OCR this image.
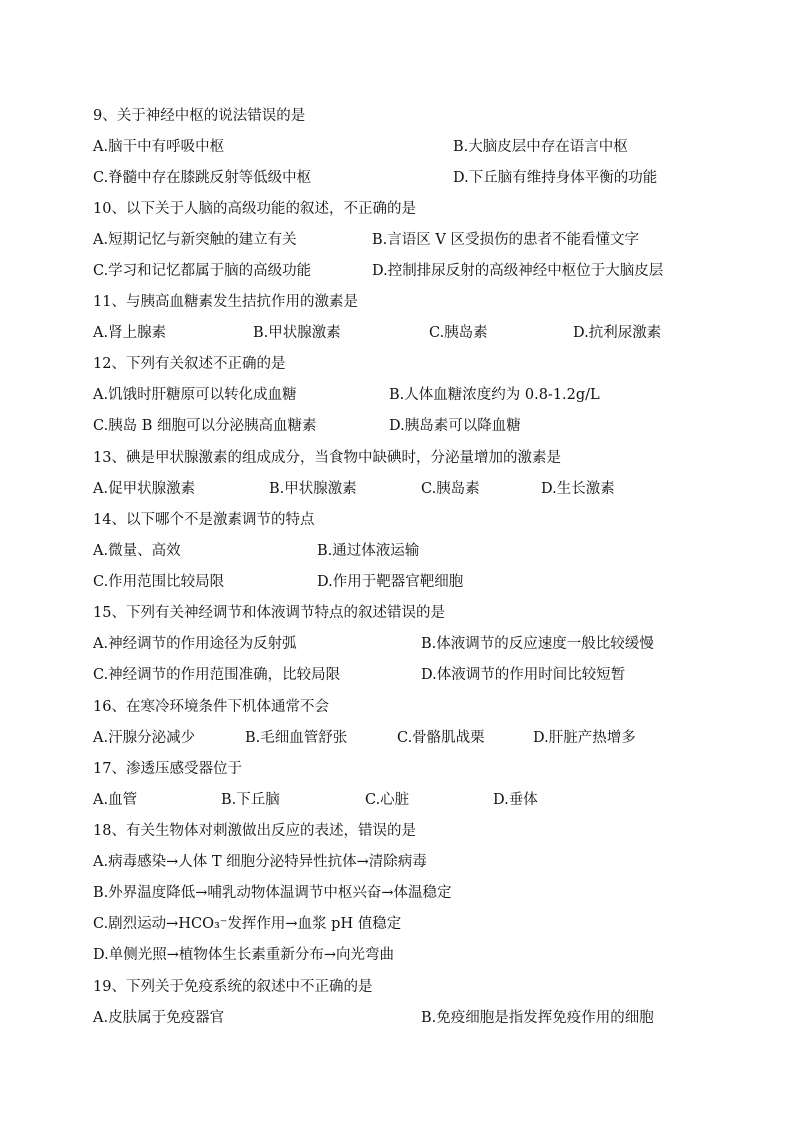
9、关于神经中枢的说法错误的是
A.脑干中有呼吸中枢	B.大脑皮层中存在语言中枢
C.脊髓中存在膝跳反射等低级中枢	D.下丘脑有维持身体平衡的功能
10、以下关于人脑的高级功能的叙述，不正确的是
A.短期记忆与新突触的建立有关	B.言语区 V 区受损伤的患者不能看懂文字
C.学习和记忆都属于脑的高级功能	D.控制排尿反射的高级神经中枢位于大脑皮层
11、与胰高血糖素发生拮抗作用的激素是
A.肾上腺素	B.甲状腺激素	C.胰岛素	D.抗利尿激素
12、下列有关叙述不正确的是
A.饥饿时肝糖原可以转化成血糖	B.人体血糖浓度约为 0.8-1.2g/L
C.胰岛 B 细胞可以分泌胰高血糖素	D.胰岛素可以降血糖
13、碘是甲状腺激素的组成成分，当食物中缺碘时，分泌量增加的激素是
A.促甲状腺激素	B.甲状腺激素	C.胰岛素	D.生长激素
14、以下哪个不是激素调节的特点
A.微量、高效	B.通过体液运输
C.作用范围比较局限	D.作用于靶器官靶细胞
15、下列有关神经调节和体液调节特点的叙述错误的是
A.神经调节的作用途径为反射弧	B.体液调节的反应速度一般比较缓慢
C.神经调节的作用范围准确，比较局限	D.体液调节的作用时间比较短暂
16、在寒冷环境条件下机体通常不会
A.汗腺分泌减少	B.毛细血管舒张	C.骨骼肌战栗	D.肝脏产热增多
17、渗透压感受器位于
A.血管	B.下丘脑	C.心脏	D.垂体
18、有关生物体对刺激做出反应的表述，错误的是
A.病毒感染→人体 T 细胞分泌特异性抗体→清除病毒
B.外界温度降低→哺乳动物体温调节中枢兴奋→体温稳定
C.剧烈运动→HCO₃⁻发挥作用→血浆 pH 值稳定
D.单侧光照→植物体生长素重新分布→向光弯曲
19、下列关于免疫系统的叙述中不正确的是
A.皮肤属于免疫器官	B.免疫细胞是指发挥免疫作用的细胞
